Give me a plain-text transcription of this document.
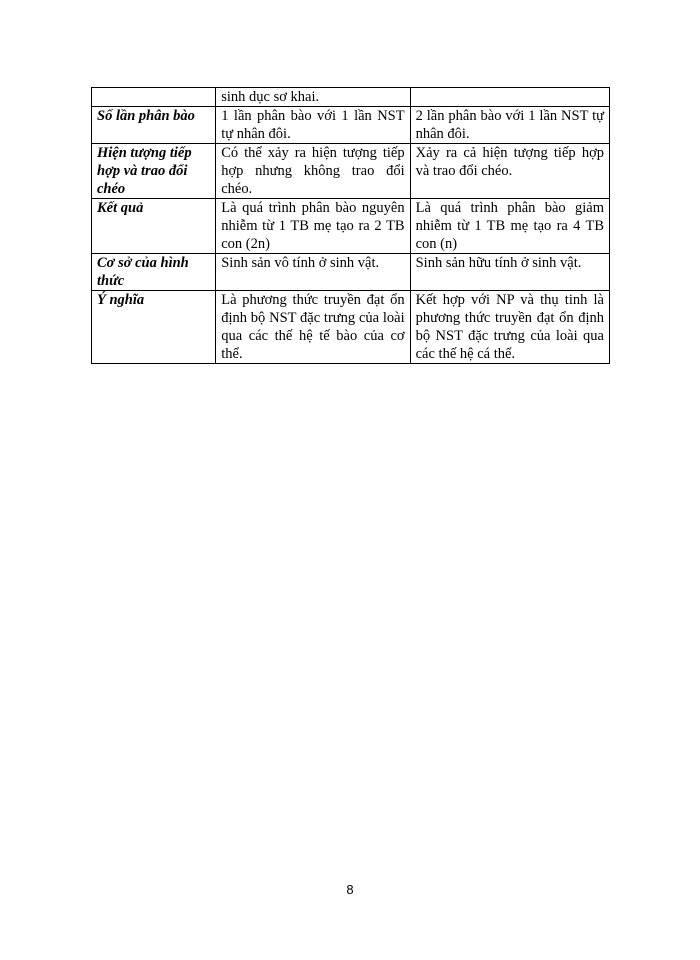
	sinh dục sơ khai.	
Số lần phân bào	1 lần phân bào với 1 lần NST tự nhân đôi.	2 lần phân bào với 1 lần NST tự nhân đôi.
Hiện tượng tiếp hợp và trao đổi chéo	Có thể xảy ra hiện tượng tiếp hợp nhưng không trao đổi chéo.	Xảy ra cả hiện tượng tiếp hợp và trao đổi chéo.
Kết quả	Là quá trình phân bào nguyên nhiễm từ 1 TB mẹ tạo ra 2 TB con (2n)	Là quá trình phân bào giảm nhiễm từ 1 TB mẹ tạo ra 4 TB con (n)
Cơ sở của hình thức	Sinh sản vô tính ở sinh vật.	Sinh sản hữu tính ở sinh vật.
Ý nghĩa	Là phương thức truyền đạt ổn định bộ NST đặc trưng của loài qua các thế hệ tế bào của cơ thể.	Kết hợp với NP và thụ tinh là phương thức truyền đạt ổn định bộ NST đặc trưng của loài qua các thế hệ cá thể.
8
